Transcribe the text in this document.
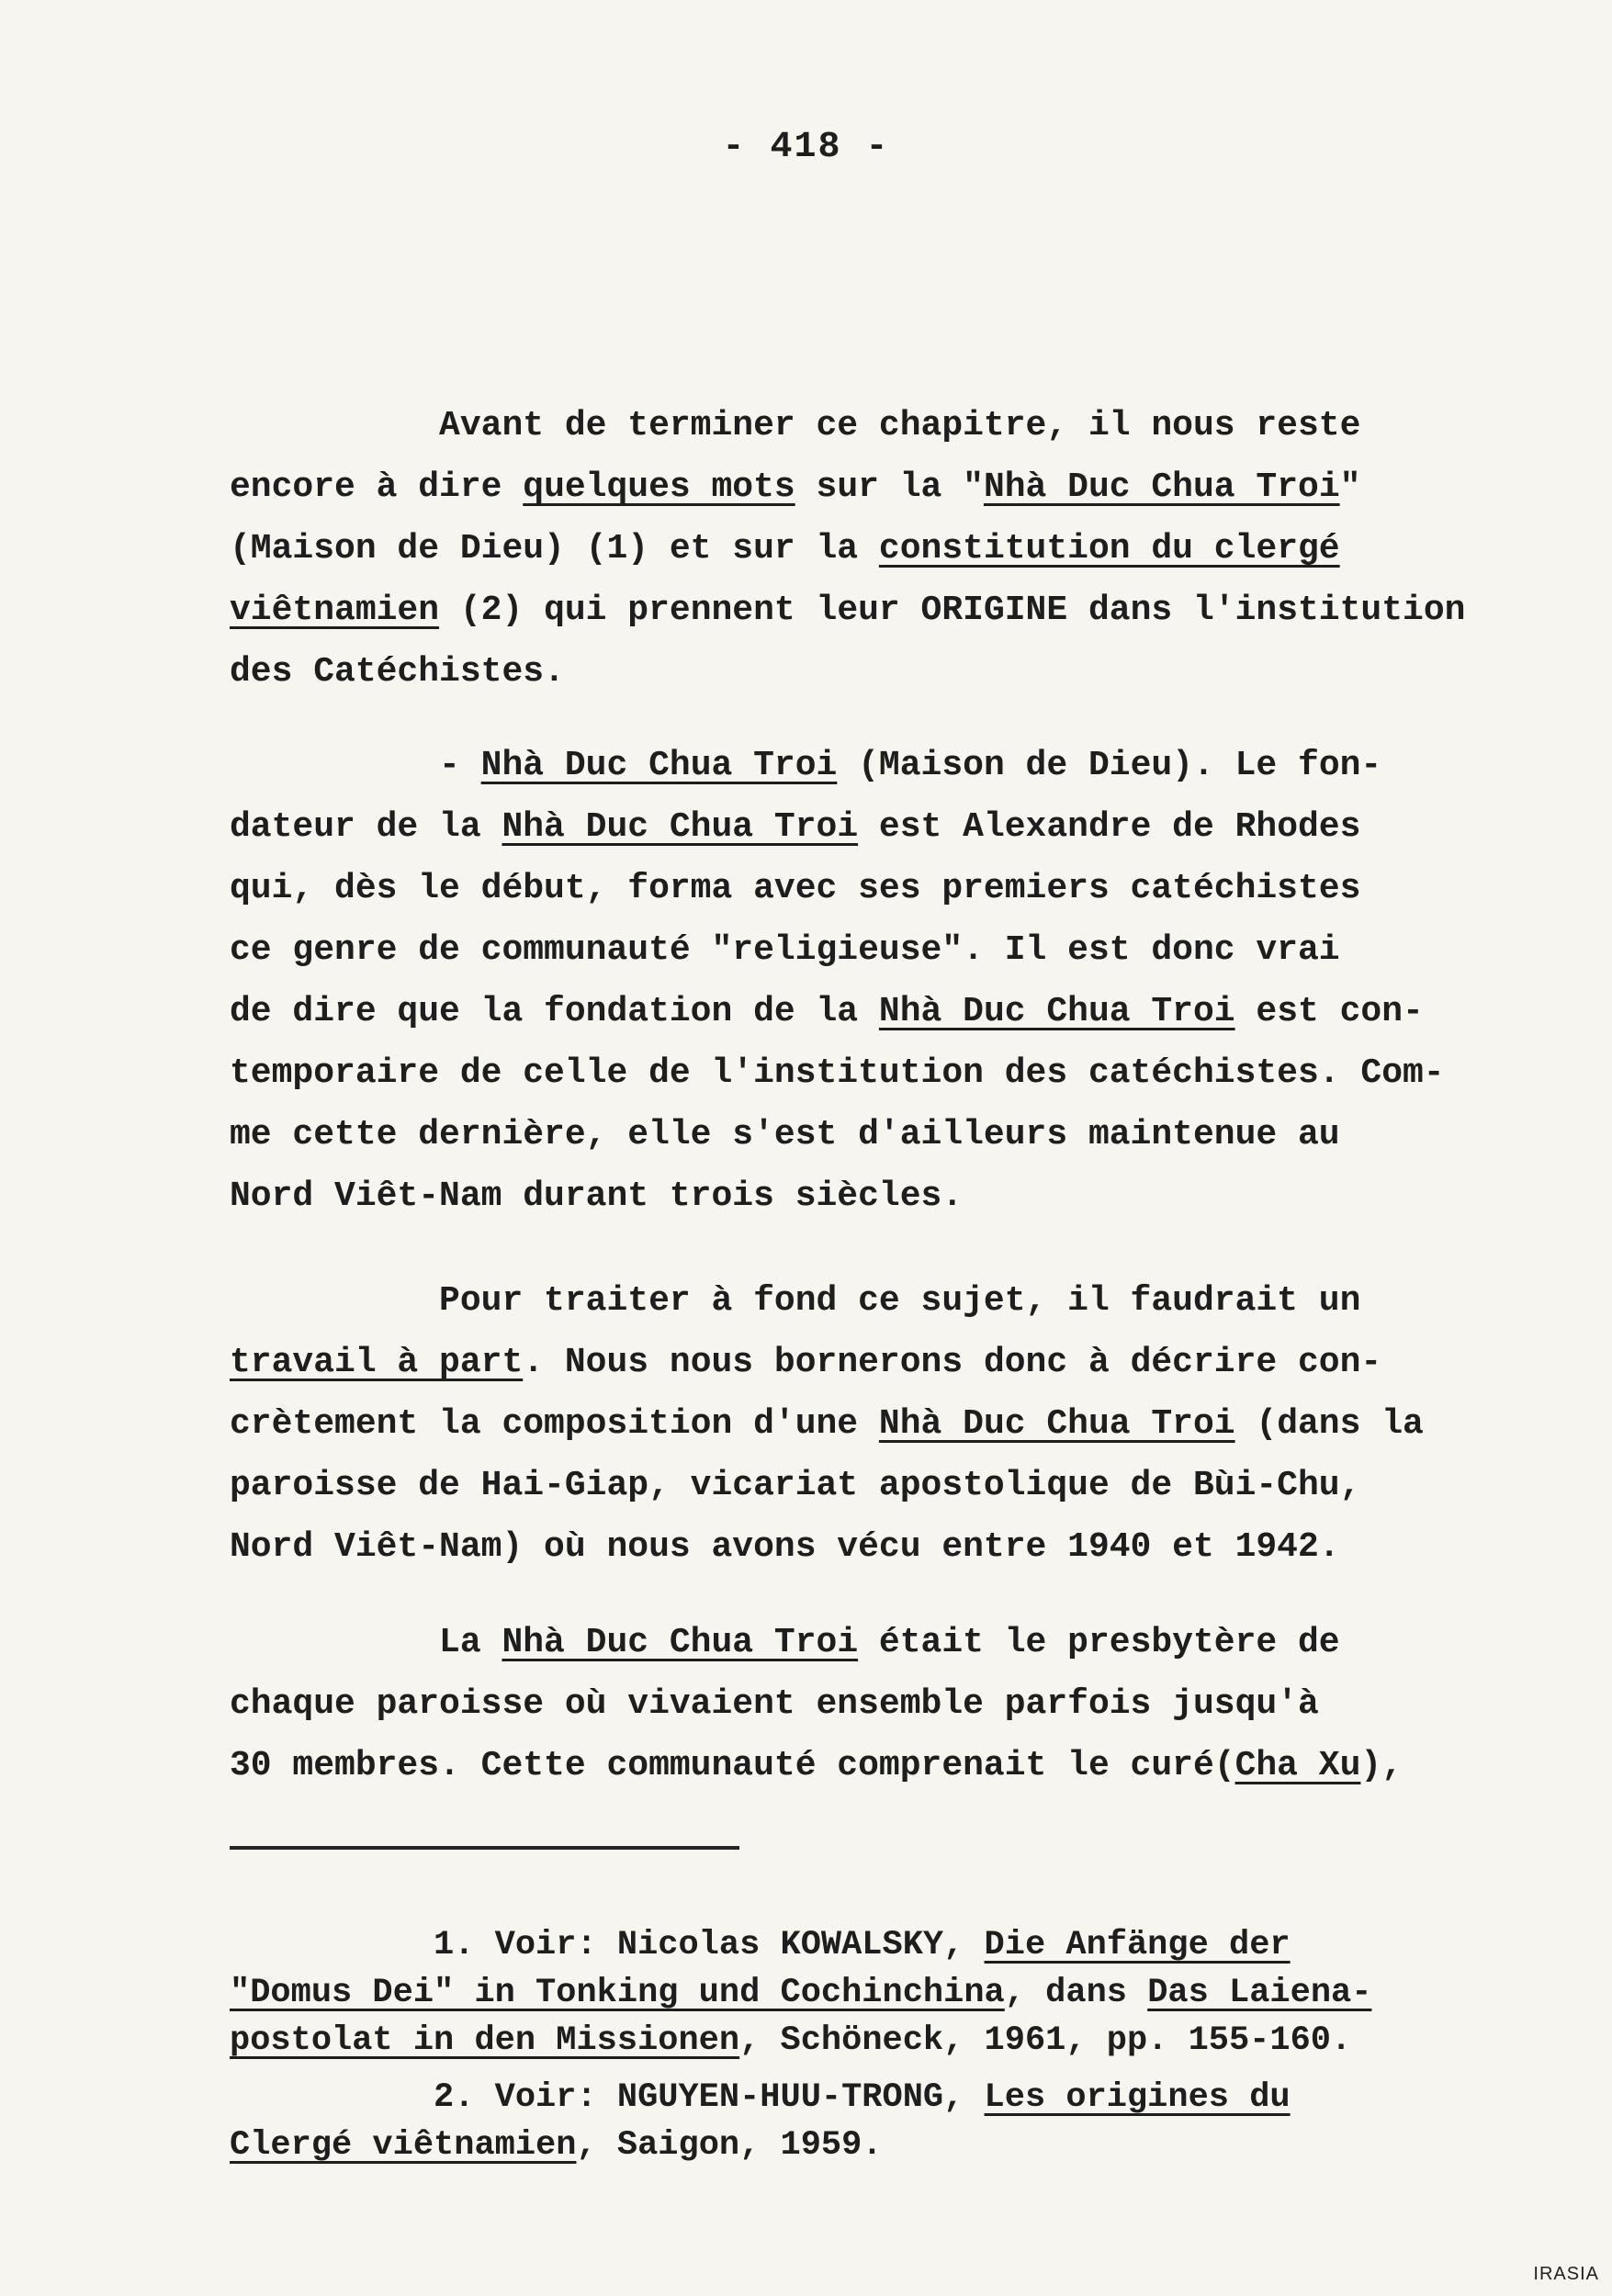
- 418 -
Avant de terminer ce chapitre, il nous reste
encore à dire quelques mots sur la "Nhà Duc Chua Troi"
(Maison de Dieu) (1) et sur la constitution du clergé
viêtnamien (2) qui prennent leur ORIGINE dans l'institution
des Catéchistes.
- Nhà Duc Chua Troi (Maison de Dieu). Le fon-
dateur de la Nhà Duc Chua Troi est Alexandre de Rhodes
qui, dès le début, forma avec ses premiers catéchistes
ce genre de communauté "religieuse". Il est donc vrai
de dire que la fondation de la Nhà Duc Chua Troi est con-
temporaire de celle de l'institution des catéchistes. Com-
me cette dernière, elle s'est d'ailleurs maintenue au
Nord Viêt-Nam durant trois siècles.
Pour traiter à fond ce sujet, il faudrait un
travail à part. Nous nous bornerons donc à décrire con-
crètement la composition d'une Nhà Duc Chua Troi (dans la
paroisse de Hai-Giap, vicariat apostolique de Bùi-Chu,
Nord Viêt-Nam) où nous avons vécu entre 1940 et 1942.
La Nhà Duc Chua Troi était le presbytère de
chaque paroisse où vivaient ensemble parfois jusqu'à
30 membres. Cette communauté comprenait le curé(Cha Xu),
1. Voir: Nicolas KOWALSKY, Die Anfänge der
"Domus Dei" in Tonking und Cochinchina, dans Das Laiena-
postolat in den Missionen, Schöneck, 1961, pp. 155-160.
2. Voir: NGUYEN-HUU-TRONG, Les origines du
Clergé viêtnamien, Saigon, 1959.
IRASIA
